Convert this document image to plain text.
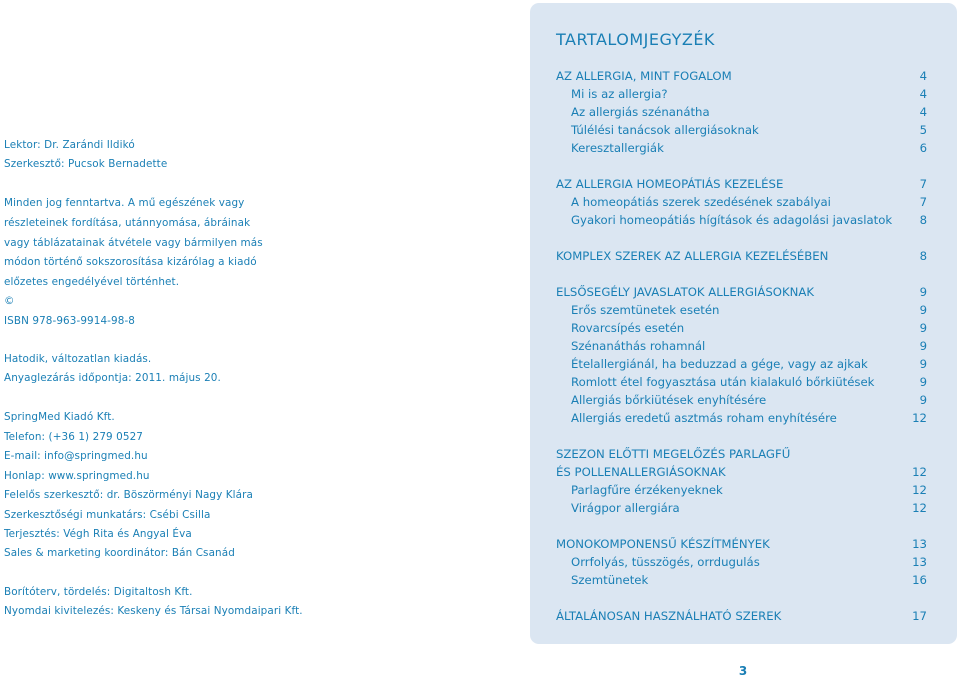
Lektor: Dr. Zarándi Ildikó
Szerkesztő: Pucsok Bernadette
Minden jog fenntartva. A mű egészének vagy
részleteinek fordítása, utánnyomása, ábráinak
vagy táblázatainak átvétele vagy bármilyen más
módon történő sokszorosítása kizárólag a kiadó
előzetes engedélyével történhet.
©
ISBN 978-963-9914-98-8
Hatodik, változatlan kiadás.
Anyaglezárás időpontja: 2011. május 20.
SpringMed Kiadó Kft.
Telefon: (+36 1) 279 0527
E-mail: info@springmed.hu
Honlap: www.springmed.hu
Felelős szerkesztő: dr. Böszörményi Nagy Klára
Szerkesztőségi munkatárs: Csébi Csilla
Terjesztés: Végh Rita és Angyal Éva
Sales & marketing koordinátor: Bán Csanád
Borítóterv, tördelés: Digitaltosh Kft.
Nyomdai kivitelezés: Keskeny és Társai Nyomdaipari Kft.
TARTALOMJEGYZÉK
AZ ALLERGIA, MINT FOGALOM	4
Mi is az allergia?	4
Az allergiás szénanátha	4
Túlélési tanácsok allergiásoknak	5
Keresztallergiák	6
AZ ALLERGIA HOMEOPÁTIÁS KEZELÉSE	7
A homeopátiás szerek szedésének szabályai	7
Gyakori homeopátiás hígítások és adagolási javaslatok 8
KOMPLEX SZEREK AZ ALLERGIA KEZELÉSÉBEN	8
ELSŐSEGÉLY JAVASLATOK ALLERGIÁSOKNAK	9
Erős szemtünetek esetén	9
Rovarcsípés esetén	9
Szénanáthás rohamnál	9
Ételallergiánál, ha beduzzad a gége, vagy az ajkak	9
Romlott étel fogyasztása után kialakuló bőrkiütések	9
Allergiás bőrkiütések enyhítésére	9
Allergiás eredetű asztmás roham enyhítésére	12
SZEZON ELŐTTI MEGELŐZÉS PARLAGFŰ
ÉS POLLENALLERGIÁSOKNAK	12
Parlagfűre érzékenyeknek	12
Virágpor allergiára	12
MONOKOMPONENSŰ KÉSZÍTMÉNYEK	13
Orrfolyás, tüsszögés, orrdugulás	13
Szemtünetek	16
ÁLTALÁNOSAN HASZNÁLHATÓ SZEREK	17
3
